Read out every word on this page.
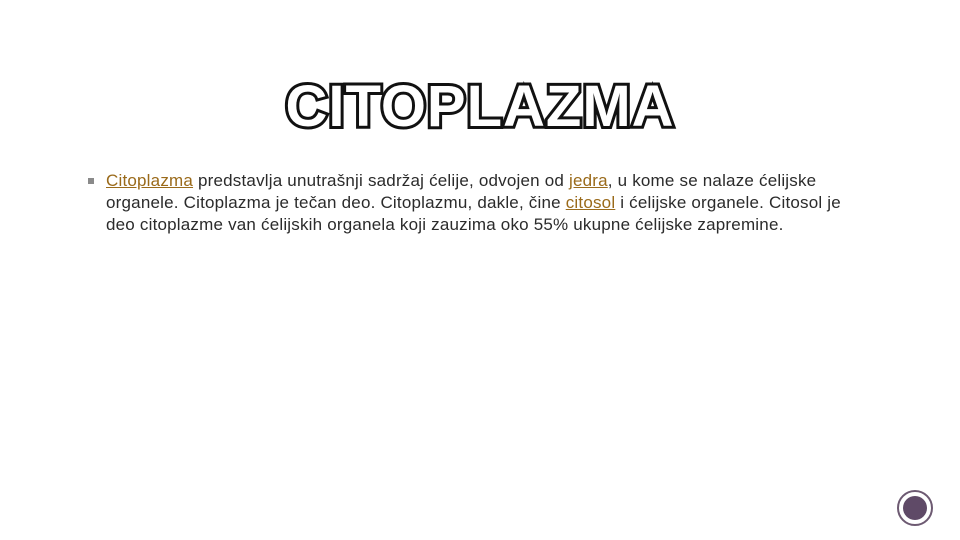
CITOPLAZMA
Citoplazma predstavlja unutrašnji sadržaj ćelije, odvojen od jedra, u kome se nalaze ćelijske organele. Citoplazma je tečan deo. Citoplazmu, dakle, čine citosol i ćelijske organele. Citosol je deo citoplazme van ćelijskih organela koji zauzima oko 55% ukupne ćelijske zapremine.
